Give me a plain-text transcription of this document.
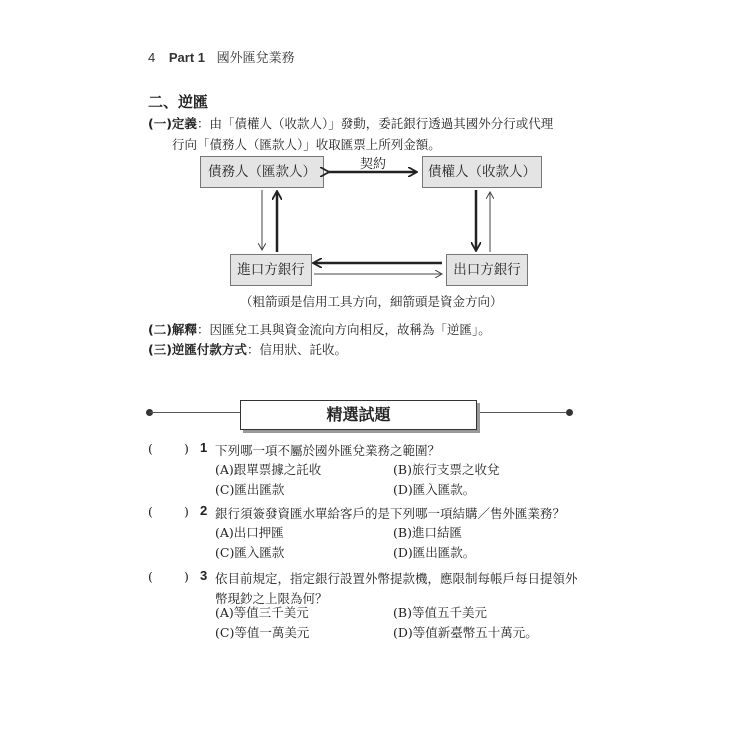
4 Part 1 國外匯兌業務
二、逆匯
(一)定義：由「債權人（收款人）」發動，委託銀行透過其國外分行或代理
行向「債務人（匯款人）」收取匯票上所列金額。
債務人（匯款人）	債權人（收款人）
進口方銀行	出口方銀行
契約
（粗箭頭是信用工具方向，細箭頭是資金方向）
(二)解釋：因匯兌工具與資金流向方向相反，故稱為「逆匯」。
(三)逆匯付款方式：信用狀、託收。
精選試題
( ) 1 下列哪一項不屬於國外匯兌業務之範圍？
(A)跟單票據之託收	(B)旅行支票之收兌
(C)匯出匯款	(D)匯入匯款。
( ) 2 銀行須簽發資匯水單給客戶的是下列哪一項結購／售外匯業務？
(A)出口押匯	(B)進口結匯
(C)匯入匯款	(D)匯出匯款。
( ) 3 依目前規定，指定銀行設置外幣提款機，應限制每帳戶每日提領外幣現鈔之上限為何？
(A)等值三千美元	(B)等值五千美元
(C)等值一萬美元	(D)等值新臺幣五十萬元。
